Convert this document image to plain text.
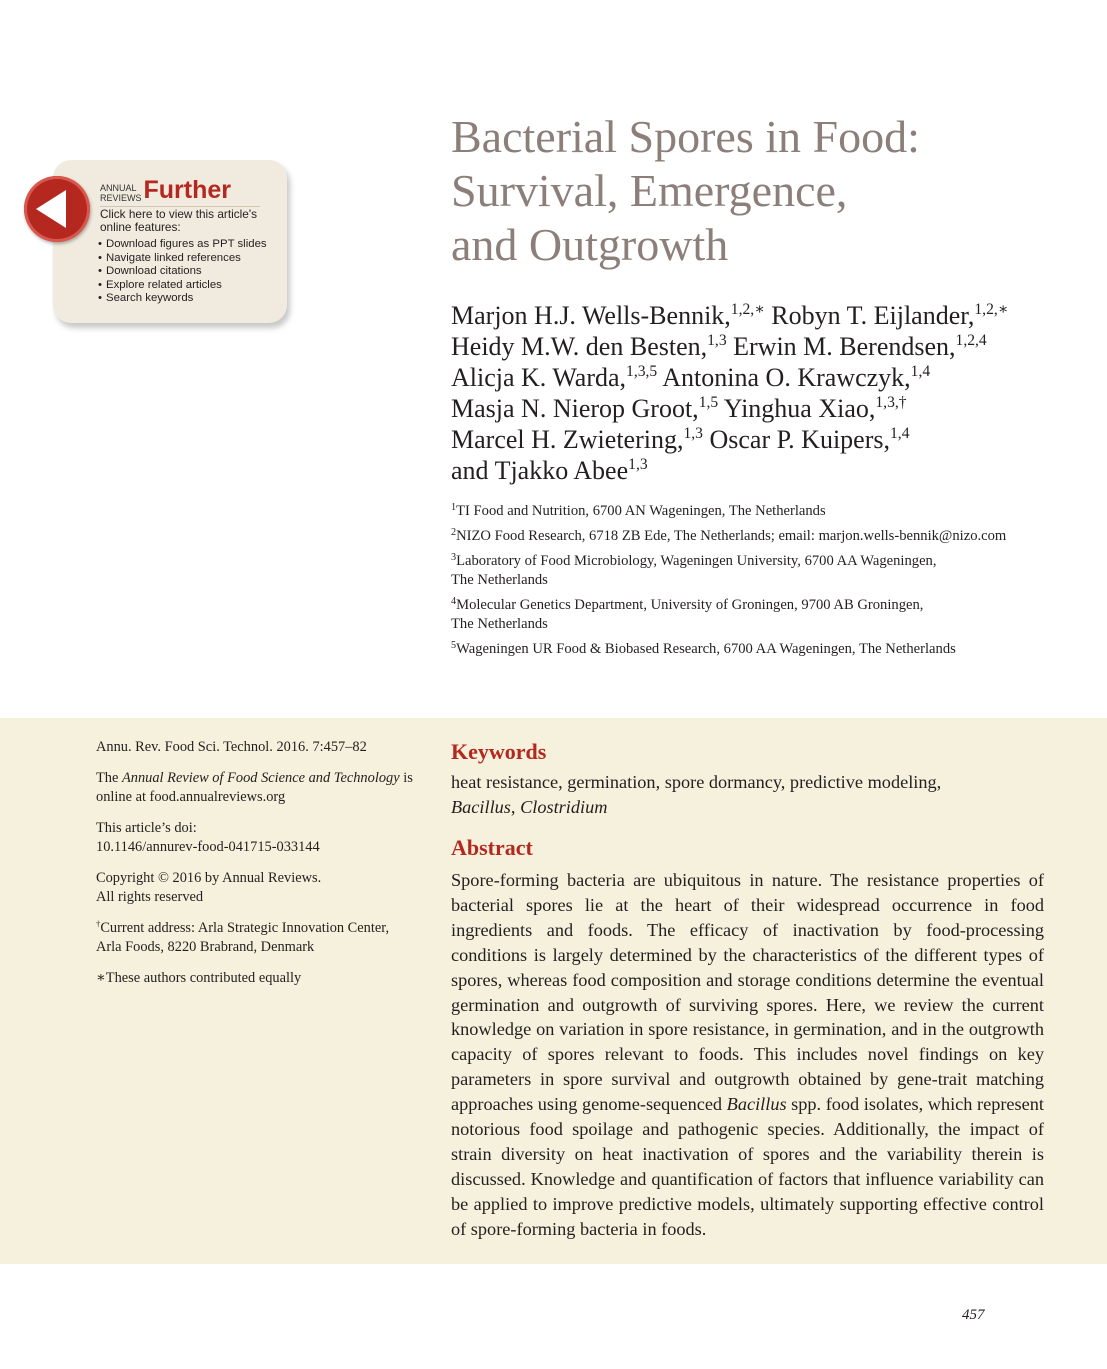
Bacterial Spores in Food:
Survival, Emergence,
and Outgrowth
Marjon H.J. Wells-Bennik,$^{1,2,∗}$ Robyn T. Eijlander,$^{1,2,∗}$
Heidy M.W. den Besten,$^{1,3}$ Erwin M. Berendsen,$^{1,2,4}$
Alicja K. Warda,$^{1,3,5}$ Antonina O. Krawczyk,$^{1,4}$
Masja N. Nierop Groot,$^{1,5}$ Yinghua Xiao,$^{1,3,\dagger}$
Marcel H. Zwietering,$^{1,3}$ Oscar P. Kuipers,$^{1,4}$
and Tjakko Abee$^{1,3}$
$^1$TI Food and Nutrition, 6700 AN Wageningen, The Netherlands
$^2$NIZO Food Research, 6718 ZB Ede, The Netherlands; email: marjon.wells-bennik@nizo.com
$^3$Laboratory of Food Microbiology, Wageningen University, 6700 AA Wageningen,
The Netherlands
$^4$Molecular Genetics Department, University of Groningen, 9700 AB Groningen,
The Netherlands
$^5$Wageningen UR Food & Biobased Research, 6700 AA Wageningen, The Netherlands
ANNUAL
REVIEWSFurther
Click here to view this article's online features:
• Download figures as PPT slides
• Navigate linked references
• Download citations
• Explore related articles
• Search keywords

Annu. Rev. Food Sci. Technol. 2016. 7:457–82

The Annual Review of Food Science and Technology is online at food.annualreviews.org

This article’s doi:
10.1146/annurev-food-041715-033144

Copyright © 2016 by Annual Reviews.
All rights reserved

†Current address: Arla Strategic Innovation Center, Arla Foods, 8220 Brabrand, Denmark

∗These authors contributed equally

Keywords

heat resistance, germination, spore dormancy, predictive modeling,
Bacillus, Clostridium

Abstract

Spore-forming bacteria are ubiquitous in nature. The resistance properties of bacterial spores lie at the heart of their widespread occurrence in food ingredients and foods. The efficacy of inactivation by food-processing conditions is largely determined by the characteristics of the different types of spores, whereas food composition and storage conditions determine the eventual germination and outgrowth of surviving spores. Here, we review the current knowledge on variation in spore resistance, in germination, and in the outgrowth capacity of spores relevant to foods. This includes novel findings on key parameters in spore survival and outgrowth obtained by gene-trait matching approaches using genome-sequenced Bacillus spp. food isolates, which represent notorious food spoilage and pathogenic species. Additionally, the impact of strain diversity on heat inactivation of spores and the variability therein is discussed. Knowledge and quantification of factors that influence variability can be applied to improve predictive models, ultimately supporting effective control of spore-forming bacteria in foods.

457
